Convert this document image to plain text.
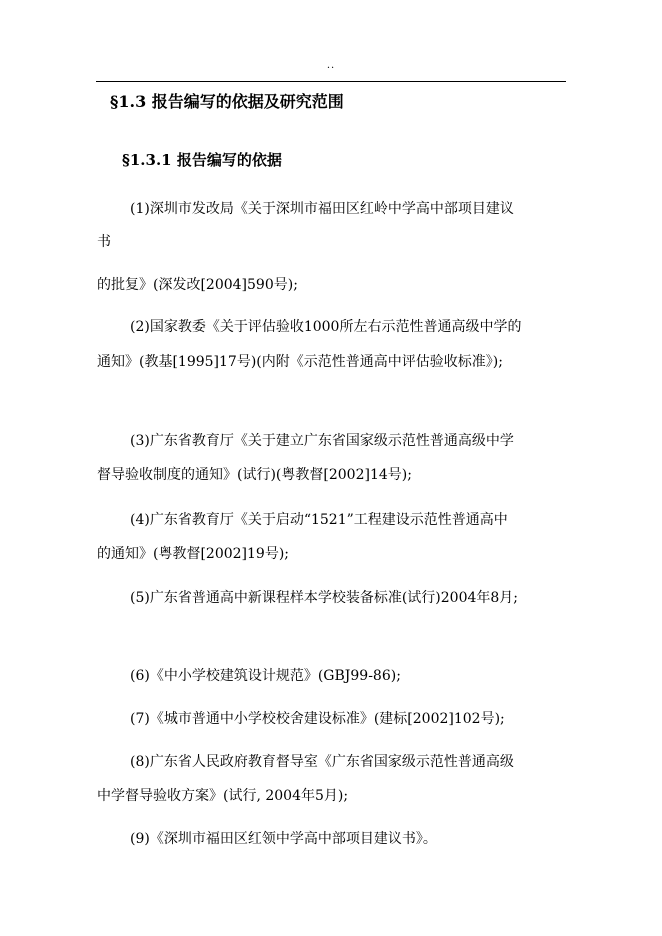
..
§1.3 报告编写的依据及研究范围
§1.3.1 报告编写的依据
(1)深圳市发改局《关于深圳市福田区红岭中学高中部项目建议
书
的批复》(深发改[2004]590号);
(2)国家教委《关于评估验收1000所左右示范性普通高级中学的
通知》(教基[1995]17号)(内附《示范性普通高中评估验收标准》);
(3)广东省教育厅《关于建立广东省国家级示范性普通高级中学
督导验收制度的通知》(试行)(粤教督[2002]14号);
(4)广东省教育厅《关于启动“1521”工程建设示范性普通高中
的通知》(粤教督[2002]19号);
(5)广东省普通高中新课程样本学校装备标准(试行)2004年8月;
(6)《中小学校建筑设计规范》(GBJ99-86);
(7)《城市普通中小学校校舍建设标准》(建标[2002]102号);
(8)广东省人民政府教育督导室《广东省国家级示范性普通高级
中学督导验收方案》(试行, 2004年5月);
(9)《深圳市福田区红领中学高中部项目建议书》。
